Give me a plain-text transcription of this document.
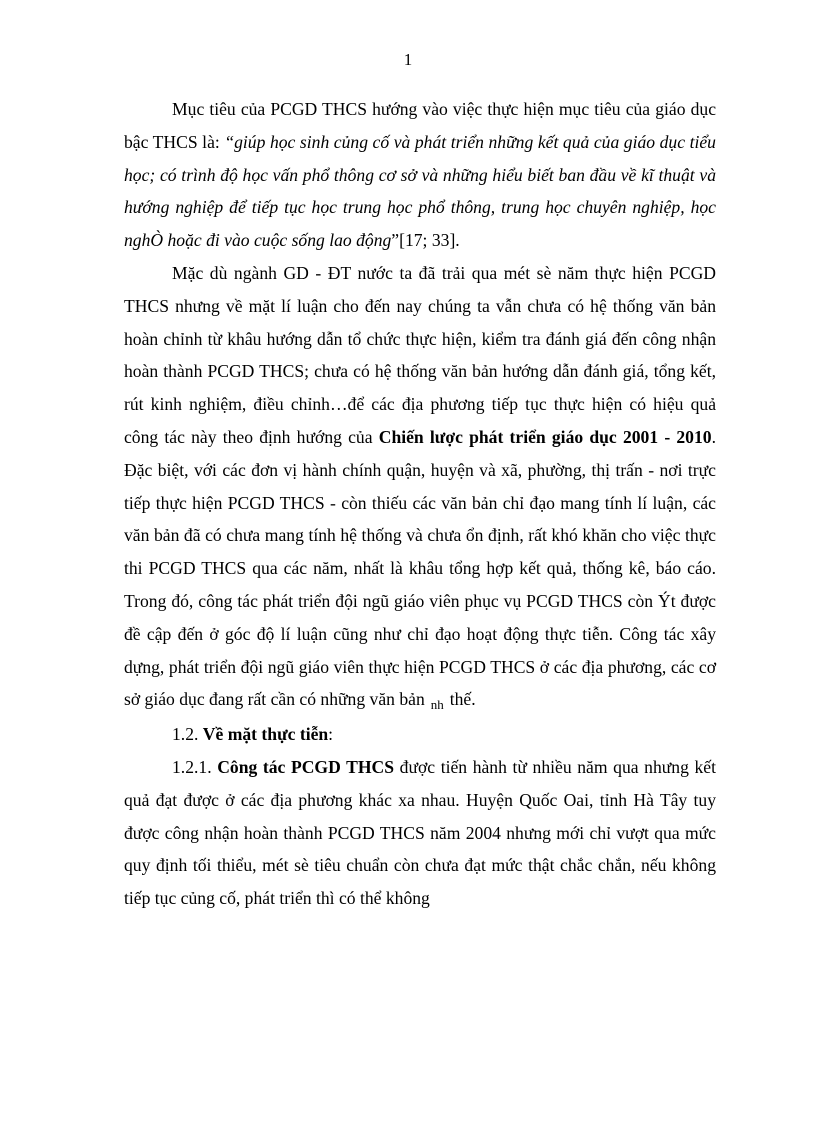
1

Mục tiêu của PCGD THCS hướng vào việc thực hiện mục tiêu của giáo dục bậc THCS là: “giúp học sinh củng cố và phát triển những kết quả của giáo dục tiểu học; có trình độ học vấn phổ thông cơ sở và những hiểu biết ban đầu về kĩ thuật và hướng nghiệp để tiếp tục học trung học phổ thông, trung học chuyên nghiệp, học nghÒ hoặc đi vào cuộc sống lao động”[17; 33].

Mặc dù ngành GD - ĐT nước ta đã trải qua mét sè năm thực hiện PCGD THCS nhưng về mặt lí luận cho đến nay chúng ta vẫn chưa có hệ thống văn bản hoàn chỉnh từ khâu hướng dẫn tổ chức thực hiện, kiểm tra đánh giá đến công nhận hoàn thành PCGD THCS; chưa có hệ thống văn bản hướng dẫn đánh giá, tổng kết, rút kinh nghiệm, điều chỉnh…để các địa phương tiếp tục thực hiện có hiệu quả công tác này theo định hướng của Chiến lược phát triển giáo dục 2001 - 2010. Đặc biệt, với các đơn vị hành chính quận, huyện và xã, phường, thị trấn - nơi trực tiếp thực hiện PCGD THCS - còn thiếu các văn bản chỉ đạo mang tính lí luận, các văn bản đã có chưa mang tính hệ thống và chưa ổn định, rất khó khăn cho việc thực thi PCGD THCS qua các năm, nhất là khâu tổng hợp kết quả, thống kê, báo cáo. Trong đó, công tác phát triển đội ngũ giáo viên phục vụ PCGD THCS còn Ýt được đề cập đến ở góc độ lí luận cũng như chỉ đạo hoạt động thực tiễn. Công tác xây dựng, phát triển đội ngũ giáo viên thực hiện PCGD THCS ở các địa phương, các cơ sở giáo dục đang rất cần có những văn bản $_{nh}$ thế.

1.2. Về mặt thực tiễn:

1.2.1. Công tác PCGD THCS được tiến hành từ nhiều năm qua nhưng kết quả đạt được ở các địa phương khác xa nhau. Huyện Quốc Oai, tỉnh Hà Tây tuy được công nhận hoàn thành PCGD THCS năm 2004 nhưng mới chỉ vượt qua mức quy định tối thiểu, mét sè tiêu chuẩn còn chưa đạt mức thật chắc chắn, nếu không tiếp tục củng cố, phát triển thì có thể không
